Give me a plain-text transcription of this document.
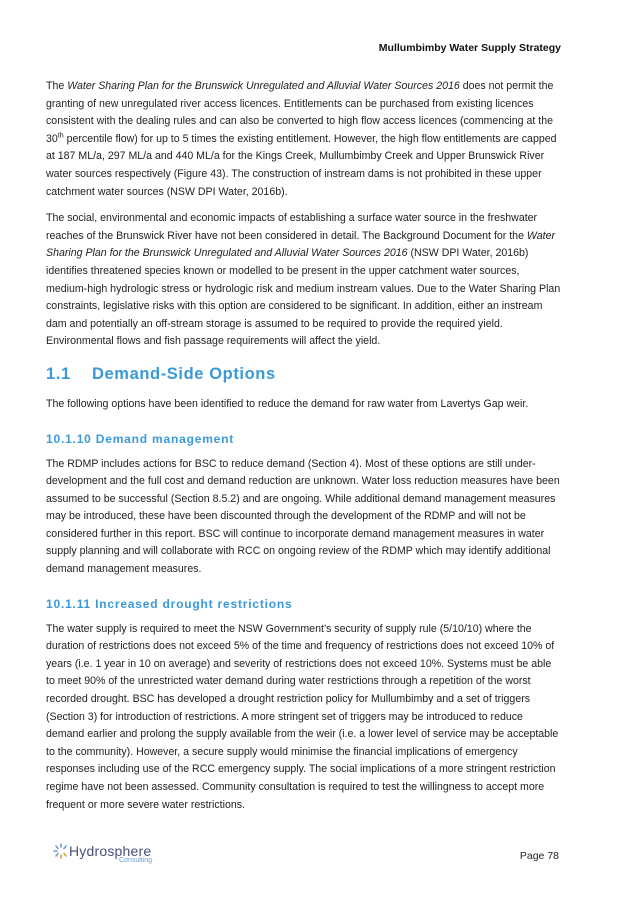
Mullumbimby Water Supply Strategy

The Water Sharing Plan for the Brunswick Unregulated and Alluvial Water Sources 2016 does not permit the granting of new unregulated river access licences. Entitlements can be purchased from existing licences consistent with the dealing rules and can also be converted to high flow access licences (commencing at the 30th percentile flow) for up to 5 times the existing entitlement. However, the high flow entitlements are capped at 187 ML/a, 297 ML/a and 440 ML/a for the Kings Creek, Mullumbimby Creek and Upper Brunswick River water sources respectively (Figure 43). The construction of instream dams is not prohibited in these upper catchment water sources (NSW DPI Water, 2016b).

The social, environmental and economic impacts of establishing a surface water source in the freshwater reaches of the Brunswick River have not been considered in detail. The Background Document for the Water Sharing Plan for the Brunswick Unregulated and Alluvial Water Sources 2016 (NSW DPI Water, 2016b) identifies threatened species known or modelled to be present in the upper catchment water sources, medium-high hydrologic stress or hydrologic risk and medium instream values. Due to the Water Sharing Plan constraints, legislative risks with this option are considered to be significant. In addition, either an instream dam and potentially an off-stream storage is assumed to be required to provide the required yield. Environmental flows and fish passage requirements will affect the yield.

1.1	Demand-Side Options

The following options have been identified to reduce the demand for raw water from Lavertys Gap weir.

10.1.10 Demand management

The RDMP includes actions for BSC to reduce demand (Section 4). Most of these options are still under-development and the full cost and demand reduction are unknown. Water loss reduction measures have been assumed to be successful (Section 8.5.2) and are ongoing. While additional demand management measures may be introduced, these have been discounted through the development of the RDMP and will not be considered further in this report. BSC will continue to incorporate demand management measures in water supply planning and will collaborate with RCC on ongoing review of the RDMP which may identify additional demand management measures.

10.1.11 Increased drought restrictions

The water supply is required to meet the NSW Government’s security of supply rule (5/10/10) where the duration of restrictions does not exceed 5% of the time and frequency of restrictions does not exceed 10% of years (i.e. 1 year in 10 on average) and severity of restrictions does not exceed 10%. Systems must be able to meet 90% of the unrestricted water demand during water restrictions through a repetition of the worst recorded drought. BSC has developed a drought restriction policy for Mullumbimby and a set of triggers (Section 3) for introduction of restrictions. A more stringent set of triggers may be introduced to reduce demand earlier and prolong the supply available from the weir (i.e. a lower level of service may be acceptable to the community). However, a secure supply would minimise the financial implications of emergency responses including use of the RCC emergency supply. The social implications of a more stringent restriction regime have not been assessed. Community consultation is required to test the willingness to accept more frequent or more severe water restrictions.

Hydrosphere
Consulting	Page 78
